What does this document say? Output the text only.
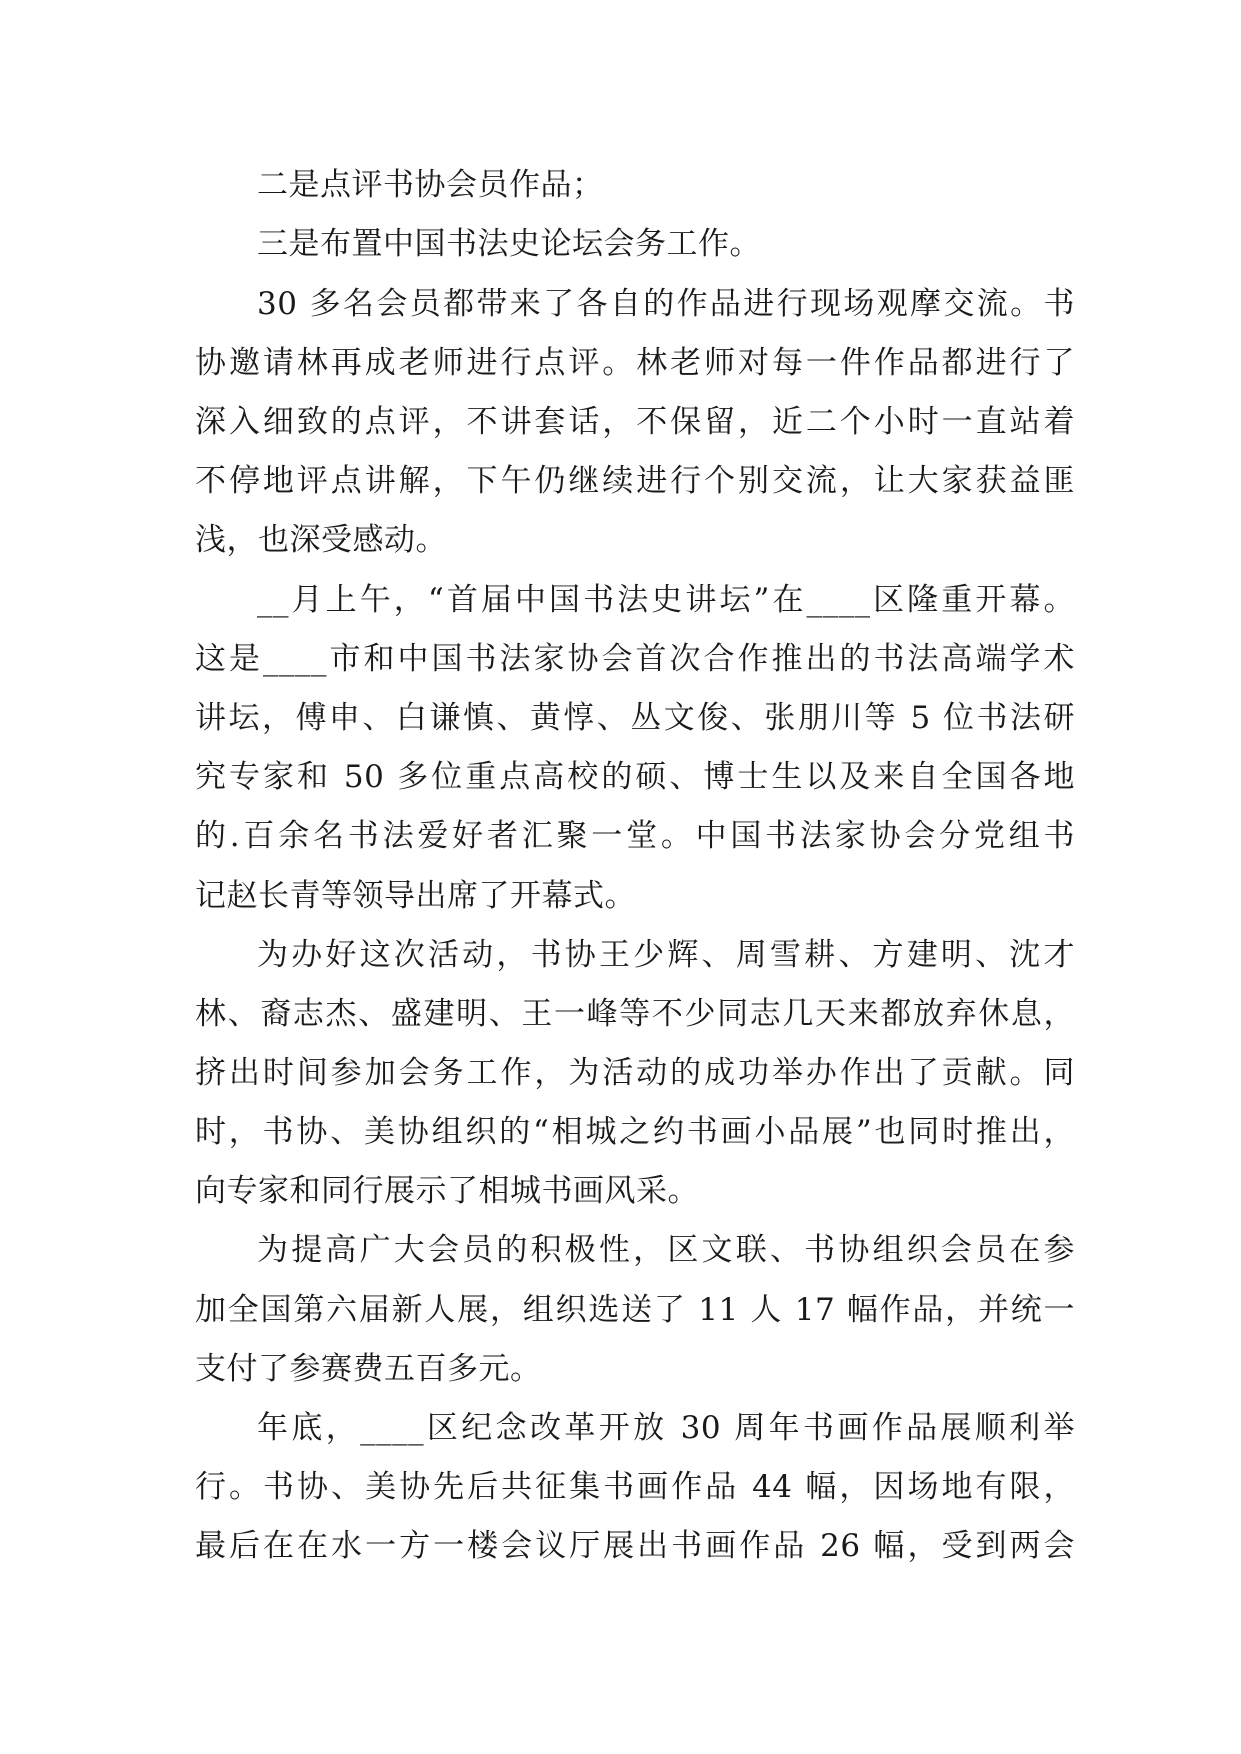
二是点评书协会员作品；

三是布置中国书法史论坛会务工作。

30 多名会员都带来了各自的作品进行现场观摩交流。书

协邀请林再成老师进行点评。林老师对每一件作品都进行了

深入细致的点评，不讲套话，不保留，近二个小时一直站着

不停地评点讲解，下午仍继续进行个别交流，让大家获益匪

浅，也深受感动。

__月上午，“首届中国书法史讲坛”在____区隆重开幕。

这是____市和中国书法家协会首次合作推出的书法高端学术

讲坛，傅申、白谦慎、黄惇、丛文俊、张朋川等 5 位书法研

究专家和 50 多位重点高校的硕、博士生以及来自全国各地

的.百余名书法爱好者汇聚一堂。中国书法家协会分党组书

记赵长青等领导出席了开幕式。

为办好这次活动，书协王少辉、周雪耕、方建明、沈才

林、裔志杰、盛建明、王一峰等不少同志几天来都放弃休息，

挤出时间参加会务工作，为活动的成功举办作出了贡献。同

时，书协、美协组织的“相城之约书画小品展”也同时推出，

向专家和同行展示了相城书画风采。

为提高广大会员的积极性，区文联、书协组织会员在参

加全国第六届新人展，组织选送了 11 人 17 幅作品，并统一

支付了参赛费五百多元。

年底，____区纪念改革开放 30 周年书画作品展顺利举

行。书协、美协先后共征集书画作品 44 幅，因场地有限，

最后在在水一方一楼会议厅展出书画作品 26 幅，受到两会
